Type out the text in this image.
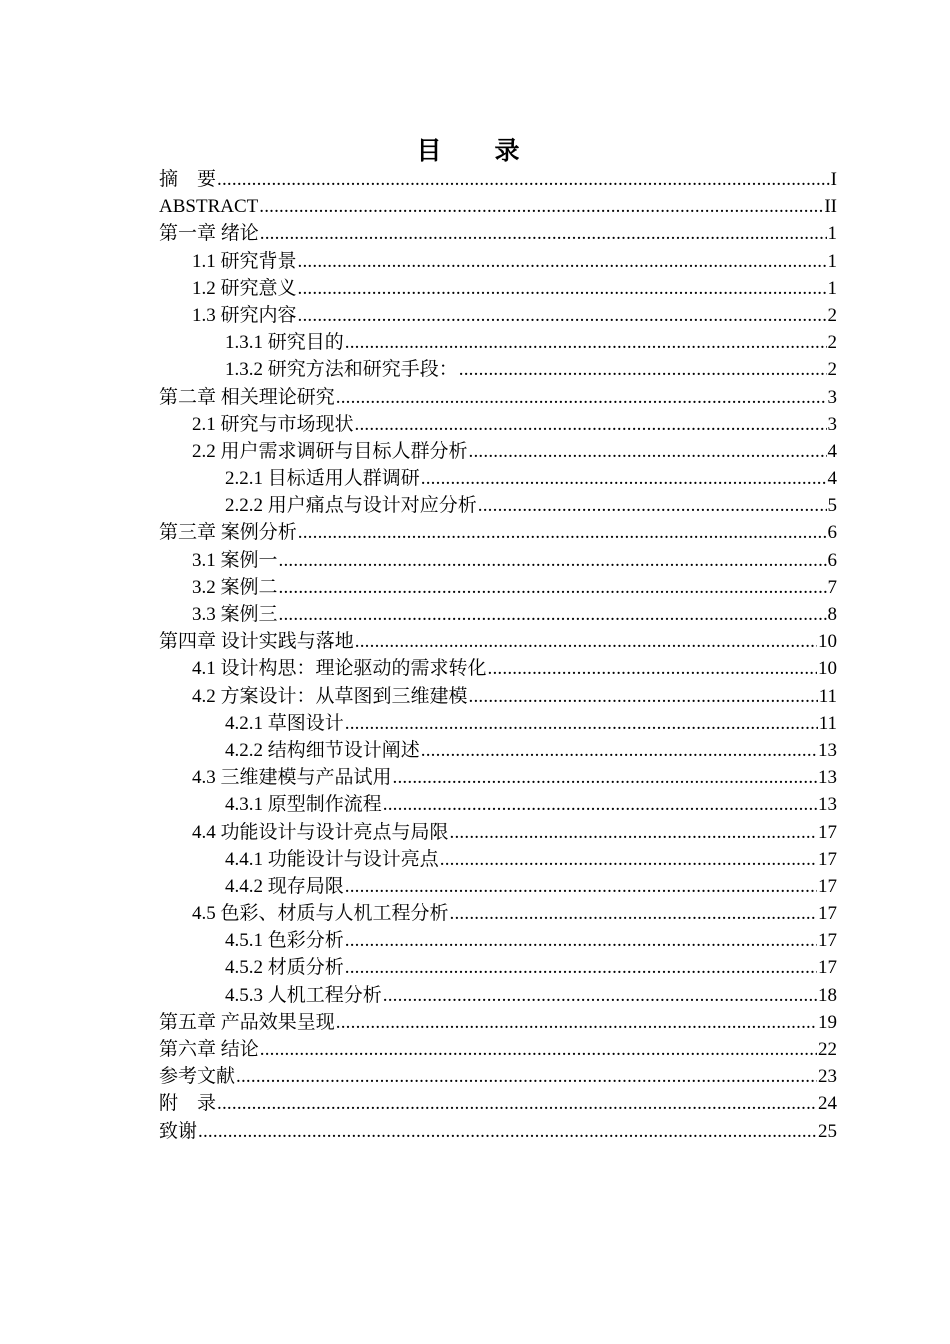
目　录
摘　要 .....	I
ABSTRACT .....	II
第一章 绪论 .....	1
1.1 研究背景 .....	1
1.2 研究意义 .....	1
1.3 研究内容 .....	2
1.3.1 研究目的 .....	2
1.3.2 研究方法和研究手段： .....	2
第二章 相关理论研究 .....	3
2.1 研究与市场现状 .....	3
2.2 用户需求调研与目标人群分析 .....	4
2.2.1 目标适用人群调研 .....	4
2.2.2 用户痛点与设计对应分析 .....	5
第三章 案例分析 .....	6
3.1 案例一 .....	6
3.2 案例二 .....	7
3.3 案例三 .....	8
第四章 设计实践与落地 .....	10
4.1 设计构思：理论驱动的需求转化 .....	10
4.2 方案设计：从草图到三维建模 .....	11
4.2.1 草图设计 .....	11
4.2.2 结构细节设计阐述 .....	13
4.3 三维建模与产品试用 .....	13
4.3.1 原型制作流程 .....	13
4.4 功能设计与设计亮点与局限 .....	17
4.4.1 功能设计与设计亮点 .....	17
4.4.2 现存局限 .....	17
4.5 色彩、材质与人机工程分析 .....	17
4.5.1 色彩分析 .....	17
4.5.2 材质分析 .....	17
4.5.3 人机工程分析 .....	18
第五章 产品效果呈现 .....	19
第六章 结论 .....	22
参考文献 .....	23
附　录 .....	24
致谢 .....	25
